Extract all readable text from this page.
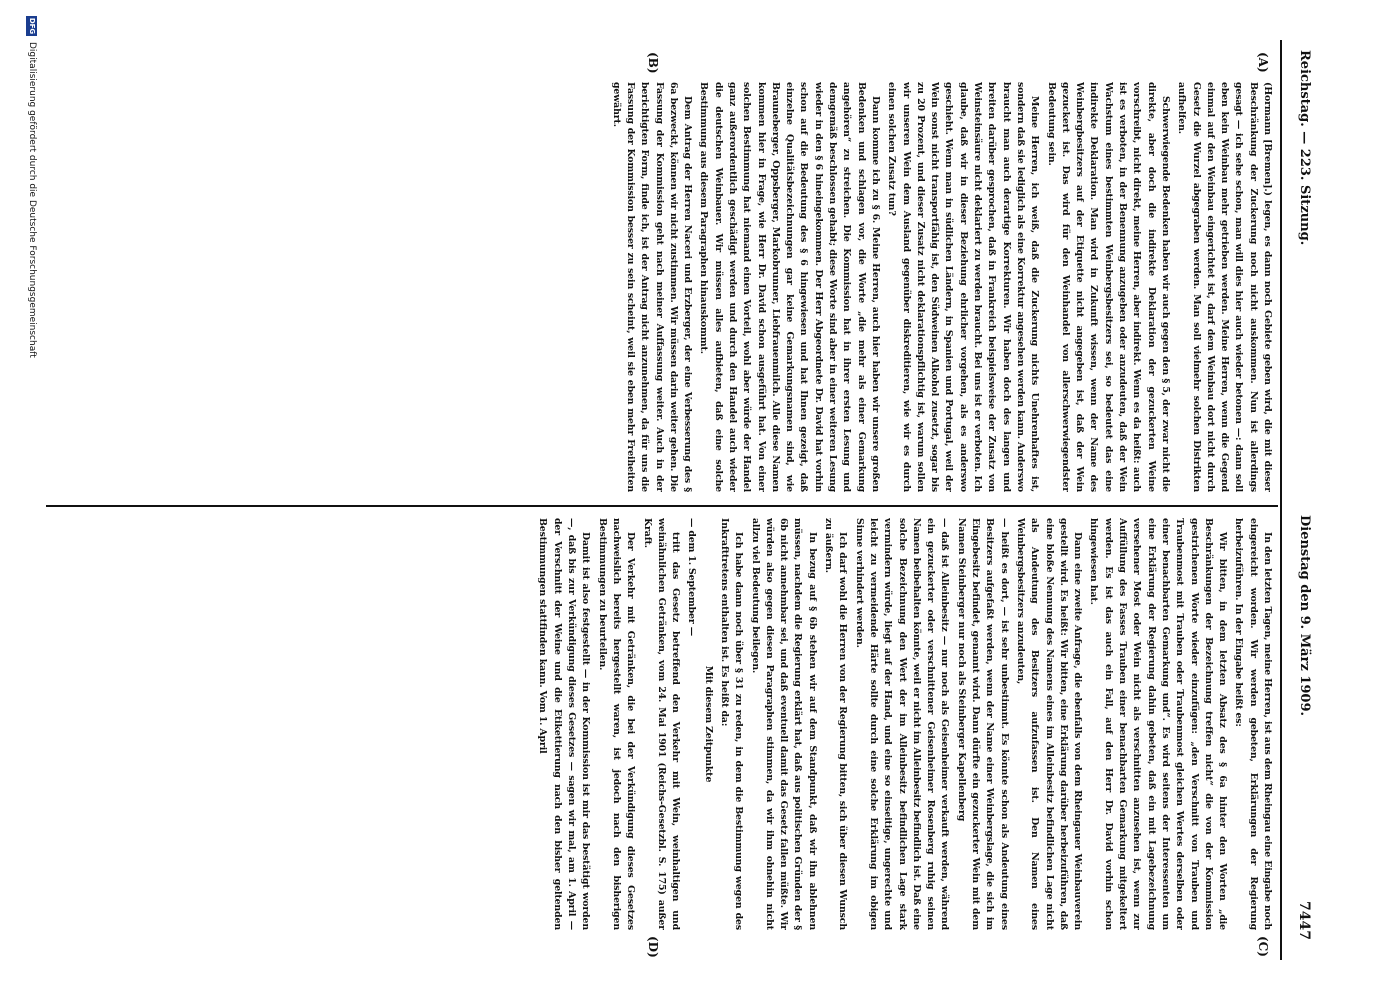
Reichstag. — 223. Sitzung.
Dienstag den 9. März 1909.
7447
(A)
(B)
(C)
(D)

(Hormann [Bremen].) legen, es dann noch Gebiete geben wird, die mit dieser Beschränkung der Zuckerung noch nicht auskommen. Nun ist allerdings gesagt — ich sehe schon, man will dies hier auch wieder betonen —: dann soll eben kein Weinbau mehr getrieben werden. Meine Herren, wenn die Gegend einmal auf den Weinbau eingerichtet ist, darf dem Weinbau dort nicht durch Gesetz die Wurzel abgegraben werden. Man soll vielmehr solchen Distrikten aufhelfen.

Schwerwiegende Bedenken haben wir auch gegen den § 5, der zwar nicht die direkte, aber doch die indirekte Deklaration der gezuckerten Weine vorschreibt, nicht direkt, meine Herren, aber indirekt. Wenn es da heißt: auch ist es verboten, in der Benennung anzugeben oder anzudeuten, daß der Wein Wachstum eines bestimmten Weinbergsbesitzers sei, so bedeutet das eine indirekte Deklaration. Man wird in Zukunft wissen, wenn der Name des Weinbergbesitzers auf der Etiquette nicht angegeben ist, daß der Wein gezuckert ist. Das wird für den Weinhandel von allerschwerwiegendster Bedeutung sein.

Meine Herren, ich weiß, daß die Zuckerung nichts Unehrenhaftes ist, sondern daß sie lediglich als eine Korrektur angesehen werden kann. Anderswo braucht man auch derartige Korrekturen. Wir haben doch des langen und breiten darüber gesprochen, daß in Frankreich beispielsweise der Zusatz von Weinsteinsäure nicht deklariert zu werden braucht. Bei uns ist er verboten. Ich glaube, daß wir in dieser Beziehung ehrlicher vorgehen, als es anderswo geschieht. Wenn man in südlichen Ländern, in Spanien und Portugal, weil der Wein sonst nicht transportfähig ist, den Südweinen Alkohol zusetzt, sogar bis zu 20 Prozent, und dieser Zusatz nicht deklarationspflichtig ist, warum sollen wir unseren Wein dem Ausland gegenüber diskreditieren, wie wir es durch einen solchen Zusatz tun?

Dann komme ich zu § 6. Meine Herren, auch hier haben wir unsere großen Bedenken und schlagen vor, die Worte „die mehr als einer Gemarkung angehören“ zu streichen. Die Kommission hat in ihrer ersten Lesung und demgemäß beschlossen gehabt; diese Worte sind aber in einer weiteren Lesung wieder in den § 6 hineingekommen. Der Herr Abgeordnete Dr. David hat vorhin schon auf die Bedeutung des § 6 hingewiesen und hat Ihnen gezeigt, daß einzelne Qualitätsbezeichnungen gar keine Gemarkungsnamen sind, wie Brauneberger, Oppsberger, Markobrunner, Liebfrauenmilch. Alle diese Namen kommen hier in Frage, wie Herr Dr. David schon ausgeführt hat. Von einer solchen Bestimmung hat niemand einen Vorteil, wohl aber würde der Handel ganz außerordentlich geschädigt werden und durch den Handel auch wieder die deutschen Weinbauer. Wir müssen alles aufbieten, daß eine solche Bestimmung aus diesem Paragraphen hinauskommt.

Dem Antrag der Herren Naceri und Erzberger, der eine Verbesserung des § 6a bezweckt, können wir nicht zustimmen. Wir müssen darin weiter gehen. Die Fassung der Kommission geht nach meiner Auffassung weiter. Auch in der berichtigten Form, finde ich, ist der Antrag nicht anzunehmen, da für uns die Fassung der Kommission besser zu sein scheint, weil sie eben mehr Freiheiten gewährt.

In den letzten Tagen, meine Herren, ist aus dem Rheingau eine Eingabe noch eingereicht worden. Wir werden gebeten, Erklärungen der Regierung herbeizuführen. In der Eingabe heißt es:

Wir bitten, in dem letzten Absatz des § 6a hinter den Worten „die Beschränkungen der Bezeichnung treffen nicht“ die von der Kommission gestrichenen Worte wieder einzufügen: „den Verschnitt von Trauben und Traubenmost mit Trauben oder Traubenmost gleichen Wertes derselben oder einer benachbarten Gemarkung und“. Es wird seitens der Interessenten um eine Erklärung der Regierung dahin gebeten, daß ein mit Lagebezeichnung versehener Most oder Wein nicht als verschnitten anzusehen ist, wenn zur Auffüllung des Fasses Trauben einer benachbarten Gemarkung mitgekeltert werden. Es ist das auch ein Fall, auf den Herr Dr. David vorhin schon hingewiesen hat.

Dann eine zweite Anfrage, die ebenfalls von dem Rheingauer Weinbauverein gestellt wird. Es heißt: Wir bitten, eine Erklärung darüber herbeizuführen, daß eine bloße Nennung des Namens eines im Alleinbesitz befindlichen Lage nicht als Andeutung des Besitzers aufzufassen ist. Den Namen eines Weinbergsbesitzers anzudeuten,

— heißt es dort, — ist sehr unbestimmt. Es könnte schon als Andeutung eines Besitzers aufgefaßt werden, wenn der Name einer Weinbergslage, die sich im Eingebesitz befindet, genannt wird. Dann dürfte ein gezuckerter Wein mit dem Namen Steinberger nur noch als Steinberger Kapellenberg

— daß ist Alleinbesitz — nur noch als Geisenheimer verkauft werden, während ein gezuckerter oder verschnittener Geisenheimer Rosenberg ruhig seinen Namen beibehalten könnte, weil er nicht im Alleinbesitz befindlich ist. Daß eine solche Bezeichnung den Wert der im Alleinbesitz befindlichen Lage stark vermindern würde, liegt auf der Hand, und eine so einseitige, ungerechte und leicht zu vermeidende Härte sollte durch eine solche Erklärung im obigen Sinne verhindert werden.

Ich darf wohl die Herren von der Regierung bitten, sich über diesen Wunsch zu äußern.

In bezug auf § 6b stehen wir auf dem Standpunkt, daß wir ihn ablehnen müssen, nachdem die Regierung erklärt hat, daß aus politischen Gründen der § 6b nicht annehmbar sei, und daß eventuell damit das Gesetz fallen müßte. Wir würden also gegen diesen Paragraphen stimmen, da wir ihm ohnehin nicht allzu viel Bedeutung beilegen.

Ich habe dann noch über § 31 zu reden, in dem die Bestimmung wegen des Inkrafttretens enthalten ist. Es heißt da:

Mit diesem Zeitpunkte

— dem 1. September —

tritt das Gesetz betreffend den Verkehr mit Wein, weinhaltigen und weinähnlichen Getränken, vom 24. Mai 1901 (Reichs-Gesetzbl. S. 175) außer Kraft.

Der Verkehr mit Getränken, die bei der Verkündigung dieses Gesetzes nachweislich bereits hergestellt waren, ist jedoch nach den bisherigen Bestimmungen zu beurteilen.

Damit ist also festgestellt — in der Kommission ist mir das bestätigt worden —, daß bis zur Verkündigung dieses Gesetzes — sagen wir mal, am 1. April — der Verschnitt der Weine und die Etikettierung nach den bisher geltenden Bestimmungen stattfinden kann. Vom 1. April

DFG
Digitalisierung gefördert durch die Deutsche Forschungsgemeinschaft
